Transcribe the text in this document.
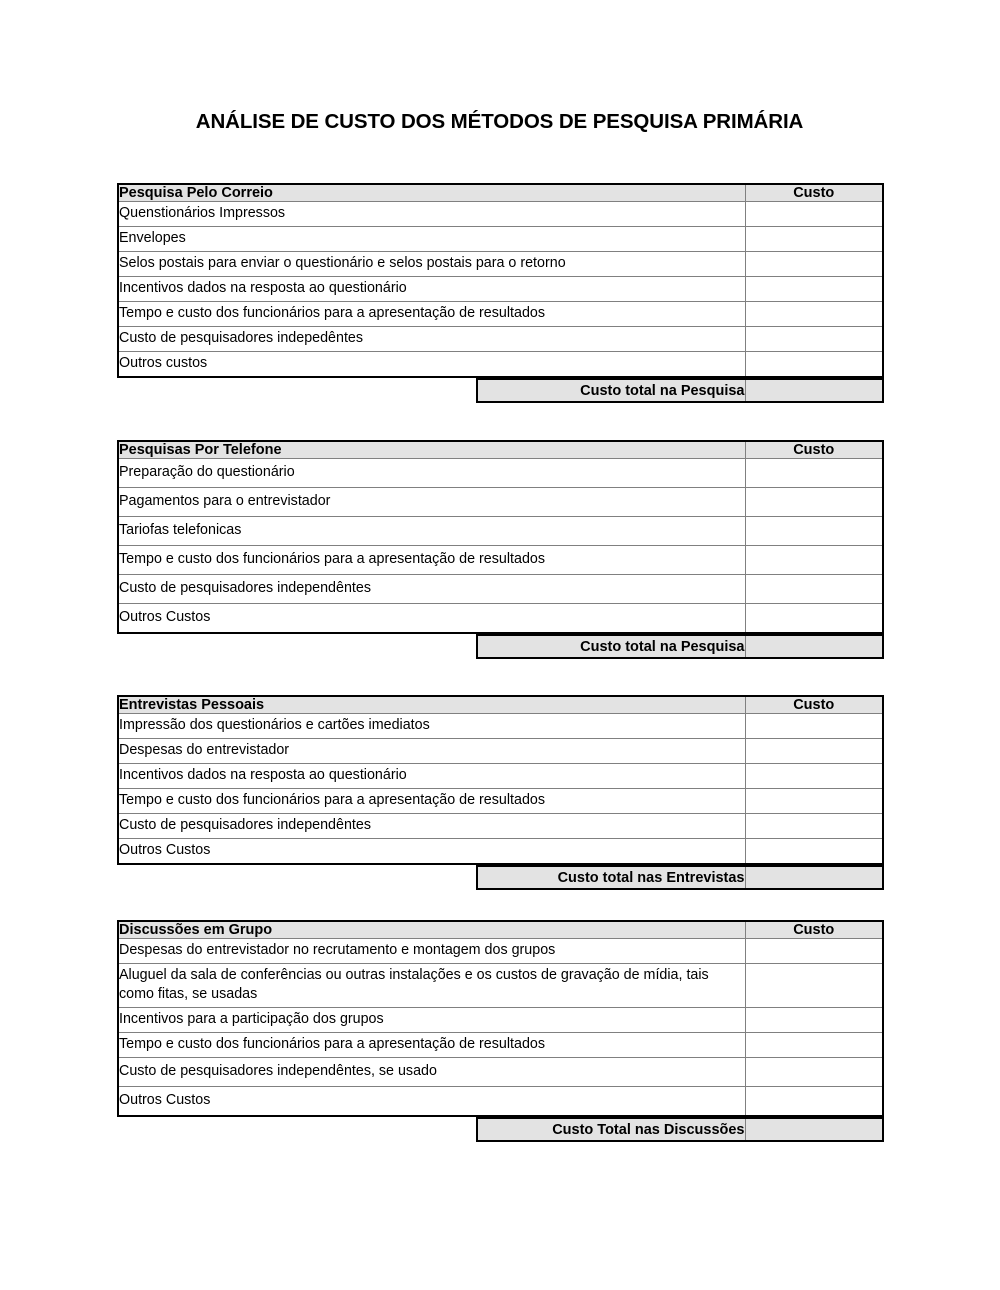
ANÁLISE DE CUSTO DOS MÉTODOS DE PESQUISA PRIMÁRIA
Pesquisa Pelo Correio	Custo
Quenstionários Impressos	
Envelopes	
Selos postais para enviar o questionário e selos postais para o retorno	
Incentivos dados na resposta ao questionário	
Tempo e custo dos funcionários para a apresentação de resultados	
Custo de pesquisadores indepedêntes	
Outros custos	
Custo total na Pesquisa	
Pesquisas Por Telefone	Custo
Preparação do questionário	
Pagamentos para o entrevistador	
Tariofas telefonicas	
Tempo e custo dos funcionários para a apresentação de resultados	
Custo de pesquisadores independêntes	
Outros Custos	
Custo total na Pesquisa	
Entrevistas Pessoais	Custo
Impressão dos questionários e cartões imediatos	
Despesas do entrevistador	
Incentivos dados na resposta ao questionário	
Tempo e custo dos funcionários para a apresentação de resultados	
Custo de pesquisadores independêntes	
Outros Custos	
Custo total nas Entrevistas	
Discussões em Grupo	Custo
Despesas do entrevistador no recrutamento e montagem dos grupos	
Aluguel da sala de conferências ou outras instalações e os custos de gravação de mídia, tais como fitas, se usadas	
Incentivos para a participação dos grupos	
Tempo e custo dos funcionários para a apresentação de resultados	
Custo de pesquisadores independêntes, se usado	
Outros Custos	
Custo Total nas Discussões	
